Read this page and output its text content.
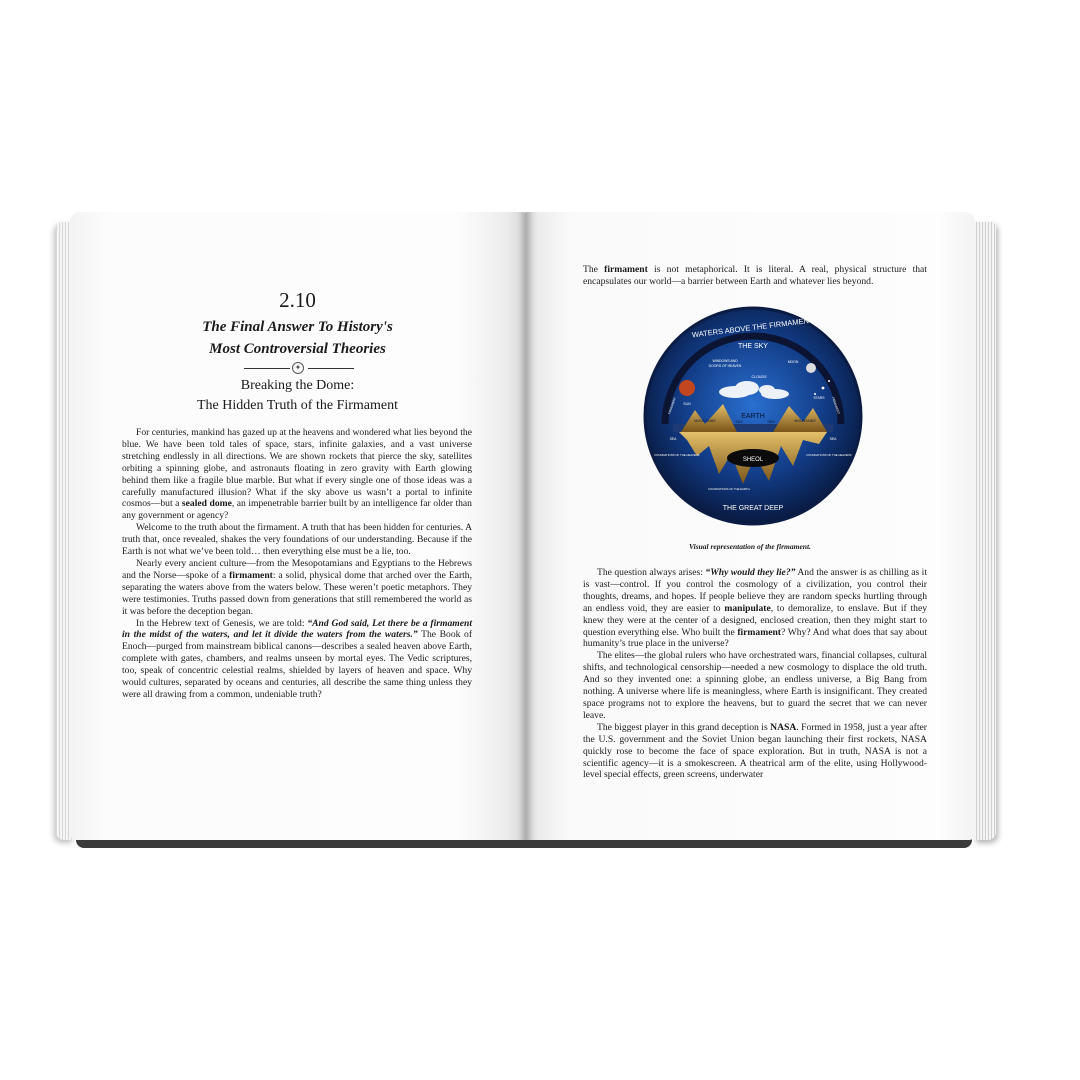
2.10
The Final Answer To History's
Most Controversial Theories
✦
Breaking the Dome:
The Hidden Truth of the Firmament

For centuries, mankind has gazed up at the heavens and wondered what lies beyond the blue. We have been told tales of space, stars, infinite galaxies, and a vast universe stretching endlessly in all directions. We are shown rockets that pierce the sky, satellites orbiting a spinning globe, and astronauts floating in zero gravity with Earth glowing behind them like a fragile blue marble. But what if every single one of those ideas was a carefully manufactured illusion? What if the sky above us wasn’t a portal to infinite cosmos—but a sealed dome, an impenetrable barrier built by an intelligence far older than any government or agency?

Welcome to the truth about the firmament. A truth that has been hidden for centuries. A truth that, once revealed, shakes the very foundations of our understanding. Because if the Earth is not what we’ve been told… then everything else must be a lie, too.

Nearly every ancient culture—from the Mesopotamians and Egyptians to the Hebrews and the Norse—spoke of a firmament: a solid, physical dome that arched over the Earth, separating the waters above from the waters below. These weren’t poetic metaphors. They were testimonies. Truths passed down from generations that still remembered the world as it was before the deception began.

In the Hebrew text of Genesis, we are told: “And God said, Let there be a firmament in the midst of the waters, and let it divide the waters from the waters.” The Book of Enoch—purged from mainstream biblical canons—describes a sealed heaven above Earth, complete with gates, chambers, and realms unseen by mortal eyes. The Vedic scriptures, too, speak of concentric celestial realms, shielded by layers of heaven and space. Why would cultures, separated by oceans and centuries, all describe the same thing unless they were all drawing from a common, undeniable truth?

The firmament is not metaphorical. It is literal. A real, physical structure that encapsulates our world—a barrier between Earth and whatever lies beyond.

WATERS ABOVE THE FIRMAMENT
THE SKY
WINDOWS AND
DOORS OF HEAVEN
MOON
SUN
CLOUDS
STARS
EARTH
MOUNTAINS	MOUNTAINS
SEA	SEA
SEA
SEA
FOUNDATIONS OF THE HEAVENS	FOUNDATIONS OF THE HEAVENS
FOUNDATIONS OF THE EARTH
SHEOL
THE GREAT DEEP
FIRMAMENT	FIRMAMENT
Visual representation of the firmament.

The question always arises: “Why would they lie?” And the answer is as chilling as it is vast—control. If you control the cosmology of a civilization, you control their thoughts, dreams, and hopes. If people believe they are random specks hurtling through an endless void, they are easier to manipulate, to demoralize, to enslave. But if they knew they were at the center of a designed, enclosed creation, then they might start to question everything else. Who built the firmament? Why? And what does that say about humanity’s true place in the universe?

The elites—the global rulers who have orchestrated wars, financial collapses, cultural shifts, and technological censorship—needed a new cosmology to displace the old truth. And so they invented one: a spinning globe, an endless universe, a Big Bang from nothing. A universe where life is meaningless, where Earth is insignificant. They created space programs not to explore the heavens, but to guard the secret that we can never leave.

The biggest player in this grand deception is NASA. Formed in 1958, just a year after the U.S. government and the Soviet Union began launching their first rockets, NASA quickly rose to become the face of space exploration. But in truth, NASA is not a scientific agency—it is a smokescreen. A theatrical arm of the elite, using Hollywood-level special effects, green screens, underwater
